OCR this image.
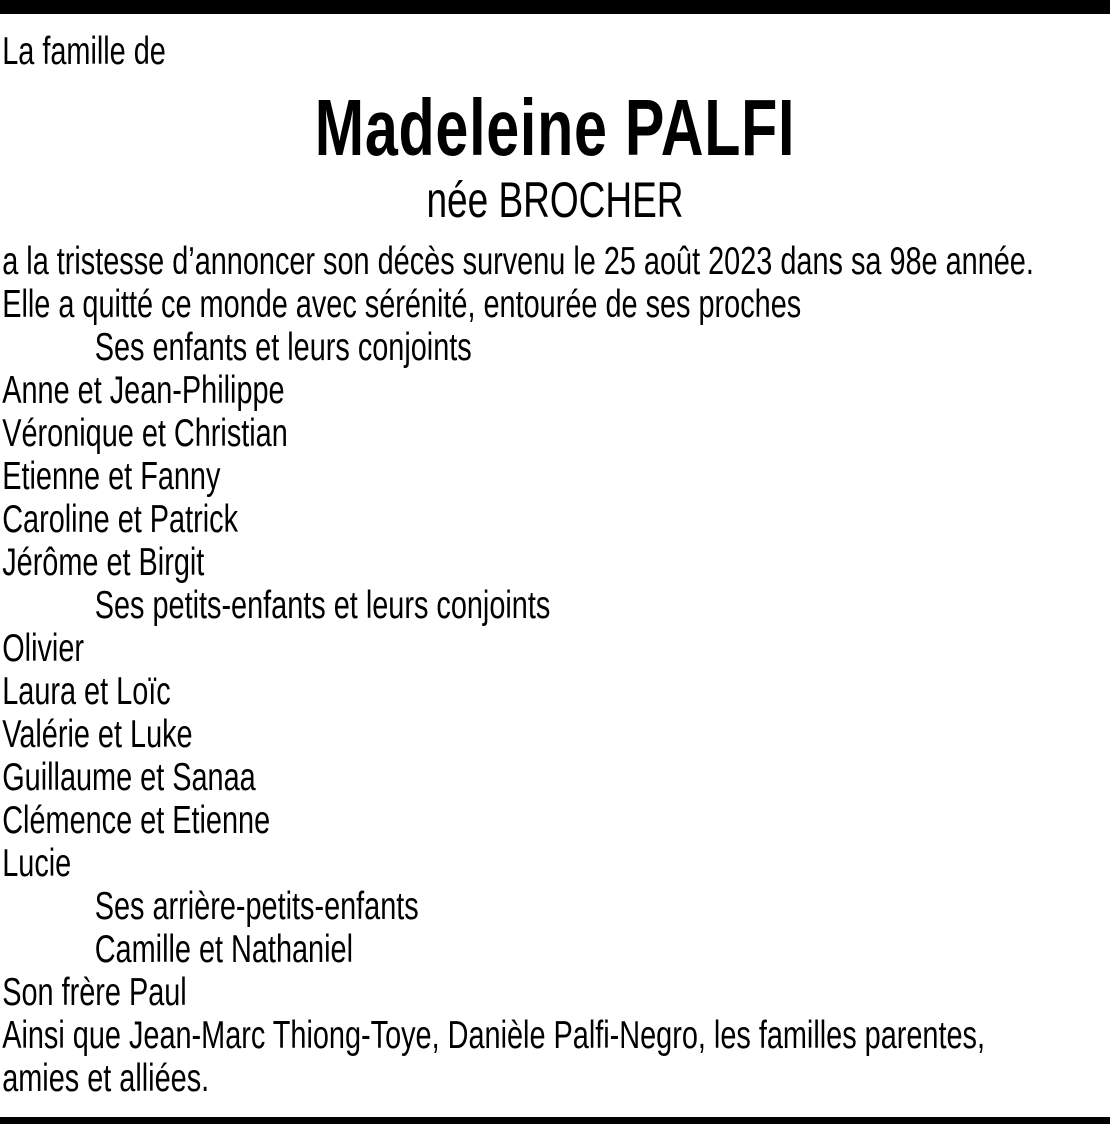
La famille de
Madeleine PALFI
née BROCHER
a la tristesse d’annoncer son décès survenu le 25 août 2023 dans sa 98e année.
Elle a quitté ce monde avec sérénité, entourée de ses proches
Ses enfants et leurs conjoints
Anne et Jean-Philippe
Véronique et Christian
Etienne et Fanny
Caroline et Patrick
Jérôme et Birgit
Ses petits-enfants et leurs conjoints
Olivier
Laura et Loïc
Valérie et Luke
Guillaume et Sanaa
Clémence et Etienne
Lucie
Ses arrière-petits-enfants
Camille et Nathaniel
Son frère Paul
Ainsi que Jean-Marc Thiong-Toye, Danièle Palfi-Negro, les familles parentes,
amies et alliées.
